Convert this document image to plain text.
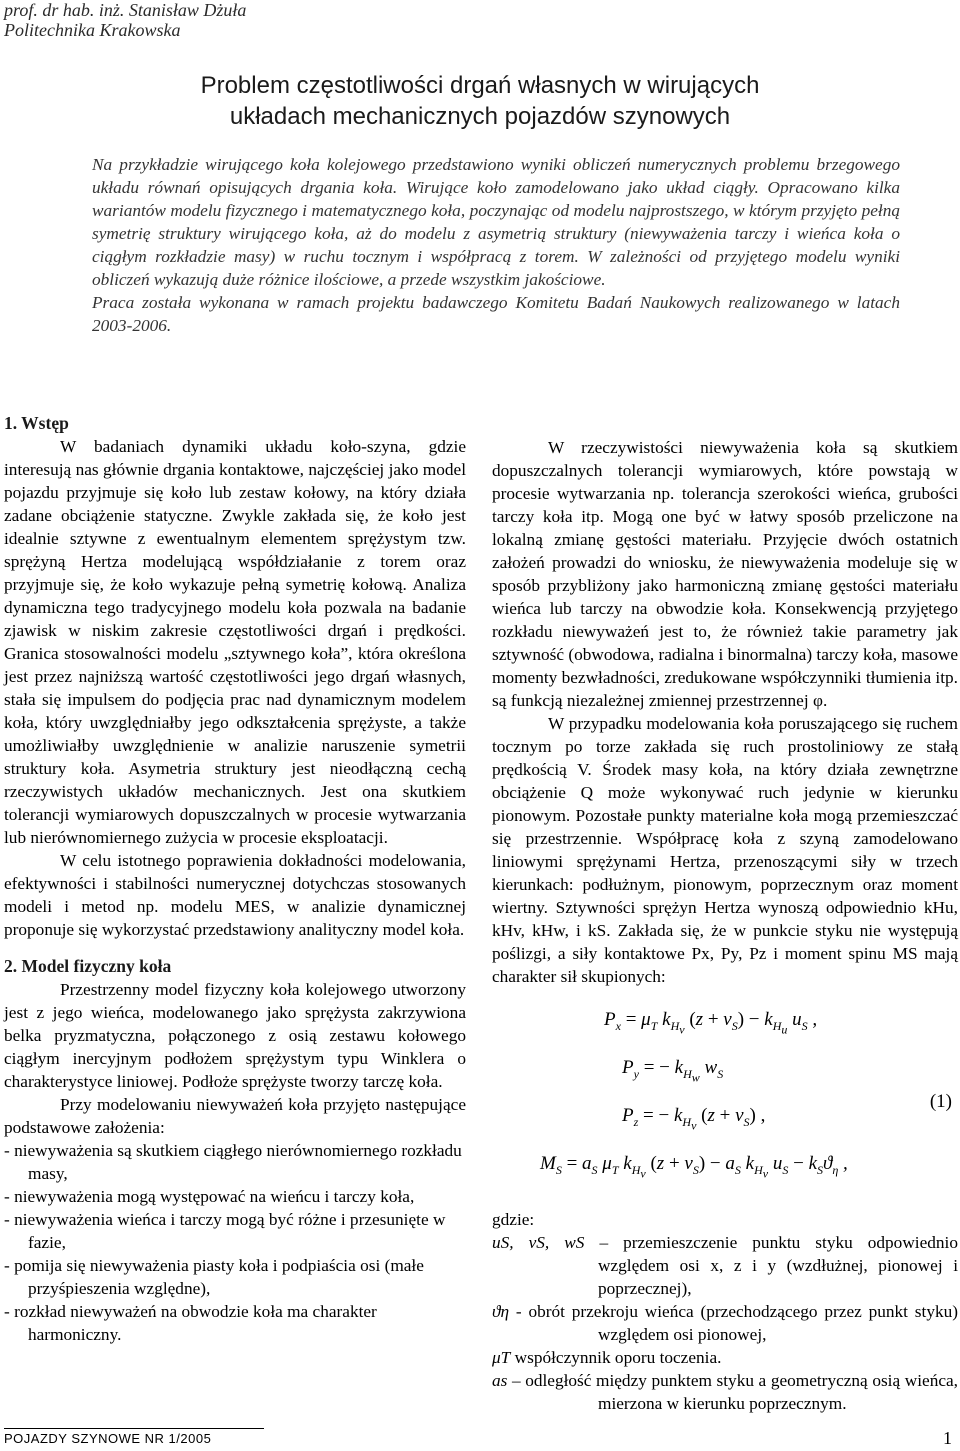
prof. dr hab. inż. Stanisław Dżuła
Politechnika Krakowska
Problem częstotliwości drgań własnych w wirujących
układach mechanicznych pojazdów szynowych

Na przykładzie wirującego koła kolejowego przedstawiono wyniki obliczeń numerycznych problemu brzegowego układu równań opisujących drgania koła. Wirujące koło zamodelowano jako układ ciągły. Opracowano kilka wariantów modelu fizycznego i matematycznego koła, poczynając od modelu najprostszego, w którym przyjęto pełną symetrię struktury wirującego koła, aż do modelu z asymetrią struktury (niewyważenia tarczy i wieńca koła o ciągłym rozkładzie masy) w ruchu tocznym i współpracą z torem. W zależności od przyjętego modelu wyniki obliczeń wykazują duże różnice ilościowe, a przede wszystkim jakościowe.

Praca została wykonana w ramach projektu badawczego Komitetu Badań Naukowych realizowanego w latach 2003-2006.

1. Wstęp

W badaniach dynamiki układu koło-szyna, gdzie interesują nas głównie drgania kontaktowe, najczęściej jako model pojazdu przyjmuje się koło lub zestaw kołowy, na który działa zadane obciążenie statyczne. Zwykle zakłada się, że koło jest idealnie sztywne z ewentualnym elementem sprężystym tzw. sprężyną Hertza modelującą współdziałanie z torem oraz przyjmuje się, że koło wykazuje pełną symetrię kołową. Analiza dynamiczna tego tradycyjnego modelu koła pozwala na badanie zjawisk w niskim zakresie częstotliwości drgań i prędkości. Granica stosowalności modelu „sztywnego koła”, która określona jest przez najniższą wartość częstotliwości jego drgań własnych, stała się impulsem do podjęcia prac nad dynamicznym modelem koła, który uwzględniałby jego odkształcenia sprężyste, a także umożliwiałby uwzględnienie w analizie naruszenie symetrii struktury koła. Asymetria struktury jest nieodłączną cechą rzeczywistych układów mechanicznych. Jest ona skutkiem tolerancji wymiarowych dopuszczalnych w procesie wytwarzania lub nierównomiernego zużycia w procesie eksploatacji.

W celu istotnego poprawienia dokładności modelowania, efektywności i stabilności numerycznej dotychczas stosowanych modeli i metod np. modelu MES, w analizie dynamicznej proponuje się wykorzystać przedstawiony analityczny model koła.

2. Model fizyczny koła

Przestrzenny model fizyczny koła kolejowego utworzony jest z jego wieńca, modelowanego jako sprężysta zakrzywiona belka pryzmatyczna, połączonego z osią zestawu kołowego ciągłym inercyjnym podłożem sprężystym typu Winklera o charakterystyce liniowej. Podłoże sprężyste tworzy tarczę koła.

Przy modelowaniu niewyważeń koła przyjęto następujące podstawowe założenia:

- niewyważenia są skutkiem ciągłego nierównomiernego rozkładu masy,
- niewyważenia mogą występować na wieńcu i tarczy koła,
- niewyważenia wieńca i tarczy mogą być różne i przesunięte w fazie,
- pomija się niewyważenia piasty koła i podpiaścia osi (małe przyśpieszenia względne),
- rozkład niewyważeń na obwodzie koła ma charakter harmoniczny.

W rzeczywistości niewyważenia koła są skutkiem dopuszczalnych tolerancji wymiarowych, które powstają w procesie wytwarzania np. tolerancja szerokości wieńca, grubości tarczy koła itp. Mogą one być w łatwy sposób przeliczone na lokalną zmianę gęstości materiału. Przyjęcie dwóch ostatnich założeń prowadzi do wniosku, że niewyważenia modeluje się w sposób przybliżony jako harmoniczną zmianę gęstości materiału wieńca lub tarczy na obwodzie koła. Konsekwencją przyjętego rozkładu niewyważeń jest to, że również takie parametry jak sztywność (obwodowa, radialna i binormalna) tarczy koła, masowe momenty bezwładności, zredukowane współczynniki tłumienia itp. są funkcją niezależnej zmiennej przestrzennej φ.

W przypadku modelowania koła poruszającego się ruchem tocznym po torze zakłada się ruch prostoliniowy ze stałą prędkością V. Środek masy koła, na który działa zewnętrzne obciążenie Q może wykonywać ruch jedynie w kierunku pionowym. Pozostałe punkty materialne koła mogą przemieszczać się przestrzennie. Współpracę koła z szyną zamodelowano liniowymi sprężynami Hertza, przenoszącymi siły w trzech kierunkach: podłużnym, pionowym, poprzecznym oraz moment wiertny. Sztywności sprężyn Hertza wynoszą odpowiednio kHu, kHv, kHw, i kS. Zakłada się, że w punkcie styku nie występują poślizgi, a siły kontaktowe Px, Py, Pz i moment spinu MS mają charakter sił skupionych:

$P_x = \mu_T$ $k_{H_v}$ $(z + v_S) - k_{H_u}$ $u_S$ ,
$P_y$ = − $k_{H_w}$ $w_S$
$P_z$ = − $k_{H_v}$ $(z + v_S)$ ,
$M_S = a_S$ $\mu_T$ $k_{H_v}$ $(z + v_S) - a_S$ $k_{H_v}$ $u_S - k_Sϑ_\eta$ ,
(1)

gdzie:

uS, vS, wS – przemieszczenie punktu styku odpowiednio względem osi x, z i y (wzdłużnej, pionowej i poprzecznej),
ϑη - obrót przekroju wieńca (przechodzącego przez punkt styku) względem osi pionowej,
μT współczynnik oporu toczenia.
as – odległość między punktem styku a geometryczną osią wieńca, mierzona w kierunku poprzecznym.
POJAZDY SZYNOWE NR 1/2005	1
